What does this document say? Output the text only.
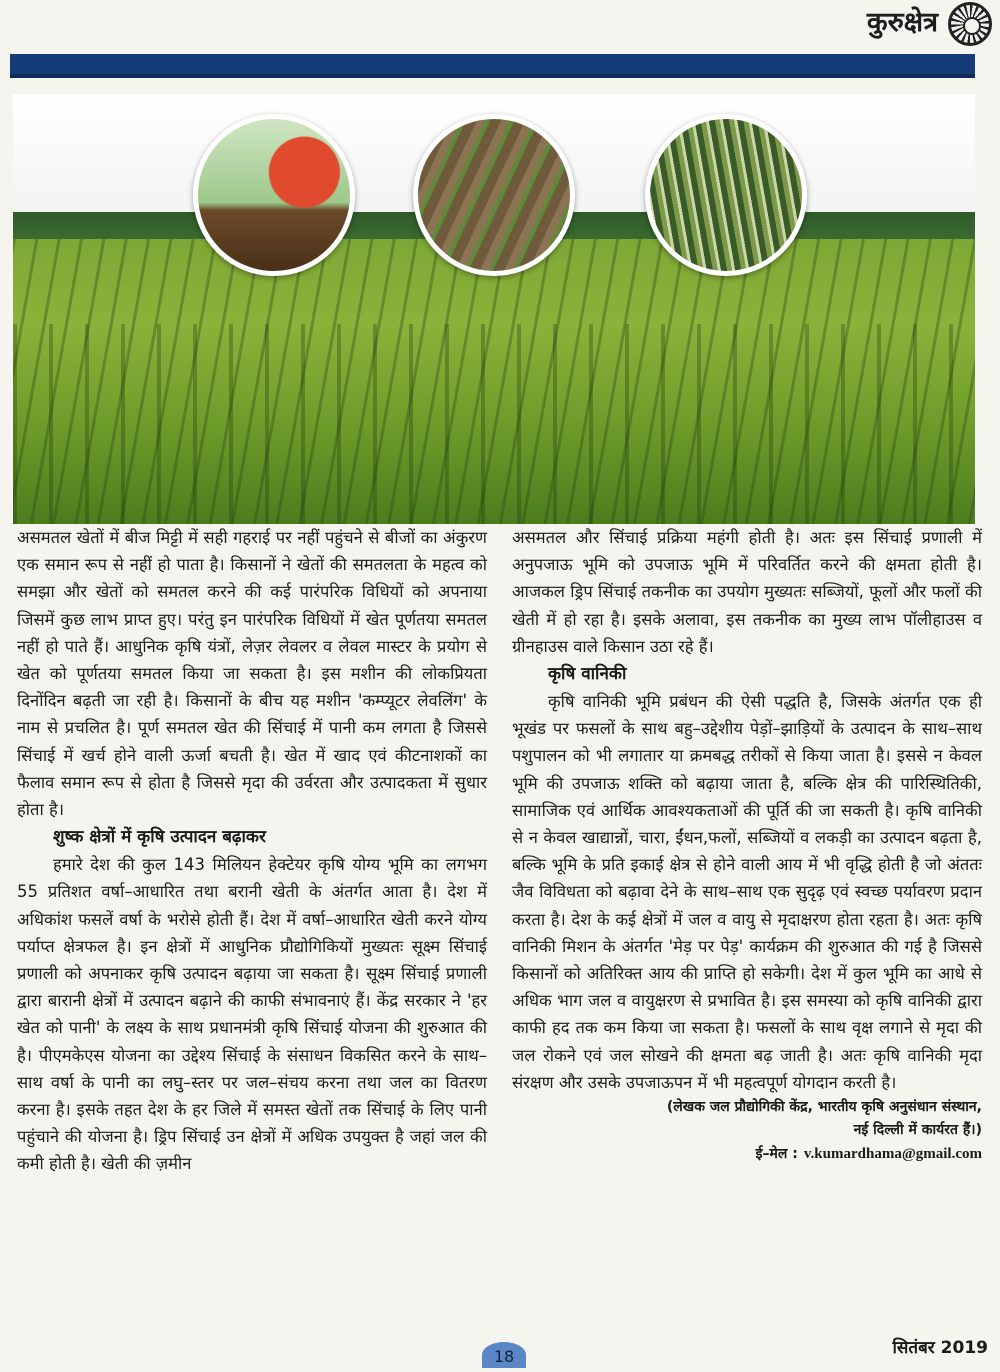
कुरुक्षेत्र

असमतल खेतों में बीज मिट्टी में सही गहराई पर नहीं पहुंचने से बीजों का अंकुरण एक समान रूप से नहीं हो पाता है। किसानों ने खेतों की समतलता के महत्व को समझा और खेतों को समतल करने की कई पारंपरिक विधियों को अपनाया जिसमें कुछ लाभ प्राप्त हुए। परंतु इन पारंपरिक विधियों में खेत पूर्णतया समतल नहीं हो पाते हैं। आधुनिक कृषि यंत्रों, लेज़र लेवलर व लेवल मास्टर के प्रयोग से खेत को पूर्णतया समतल किया जा सकता है। इस मशीन की लोकप्रियता दिनोंदिन बढ़ती जा रही है। किसानों के बीच यह मशीन 'कम्प्यूटर लेवलिंग' के नाम से प्रचलित है। पूर्ण समतल खेत की सिंचाई में पानी कम लगता है जिससे सिंचाई में खर्च होने वाली ऊर्जा बचती है। खेत में खाद एवं कीटनाशकों का फैलाव समान रूप से होता है जिससे मृदा की उर्वरता और उत्पादकता में सुधार होता है।

शुष्क क्षेत्रों में कृषि उत्पादन बढ़ाकर

हमारे देश की कुल 143 मिलियन हेक्टेयर कृषि योग्य भूमि का लगभग 55 प्रतिशत वर्षा–आधारित तथा बरानी खेती के अंतर्गत आता है। देश में अधिकांश फसलें वर्षा के भरोसे होती हैं। देश में वर्षा–आधारित खेती करने योग्य पर्याप्त क्षेत्रफल है। इन क्षेत्रों में आधुनिक प्रौद्योगिकियों मुख्यतः सूक्ष्म सिंचाई प्रणाली को अपनाकर कृषि उत्पादन बढ़ाया जा सकता है। सूक्ष्म सिंचाई प्रणाली द्वारा बारानी क्षेत्रों में उत्पादन बढ़ाने की काफी संभावनाएं हैं। केंद्र सरकार ने 'हर खेत को पानी' के लक्ष्य के साथ प्रधानमंत्री कृषि सिंचाई योजना की शुरुआत की है। पीएमकेएस योजना का उद्देश्य सिंचाई के संसाधन विकसित करने के साथ–साथ वर्षा के पानी का लघु–स्तर पर जल–संचय करना तथा जल का वितरण करना है। इसके तहत देश के हर जिले में समस्त खेतों तक सिंचाई के लिए पानी पहुंचाने की योजना है। ड्रिप सिंचाई उन क्षेत्रों में अधिक उपयुक्त है जहां जल की कमी होती है। खेती की ज़मीन

असमतल और सिंचाई प्रक्रिया महंगी होती है। अतः इस सिंचाई प्रणाली में अनुपजाऊ भूमि को उपजाऊ भूमि में परिवर्तित करने की क्षमता होती है। आजकल ड्रिप सिंचाई तकनीक का उपयोग मुख्यतः सब्जियों, फूलों और फलों की खेती में हो रहा है। इसके अलावा, इस तकनीक का मुख्य लाभ पॉलीहाउस व ग्रीनहाउस वाले किसान उठा रहे हैं।

कृषि वानिकी

कृषि वानिकी भूमि प्रबंधन की ऐसी पद्धति है, जिसके अंतर्गत एक ही भूखंड पर फसलों के साथ बहु–उद्देशीय पेड़ों–झाड़ियों के उत्पादन के साथ–साथ पशुपालन को भी लगातार या क्रमबद्ध तरीकों से किया जाता है। इससे न केवल भूमि की उपजाऊ शक्ति को बढ़ाया जाता है, बल्कि क्षेत्र की पारिस्थितिकी, सामाजिक एवं आर्थिक आवश्यकताओं की पूर्ति की जा सकती है। कृषि वानिकी से न केवल खाद्यान्नों, चारा, ईंधन,फलों, सब्जियों व लकड़ी का उत्पादन बढ़ता है, बल्कि भूमि के प्रति इकाई क्षेत्र से होने वाली आय में भी वृद्धि होती है जो अंततः जैव विविधता को बढ़ावा देने के साथ–साथ एक सुदृढ़ एवं स्वच्छ पर्यावरण प्रदान करता है। देश के कई क्षेत्रों में जल व वायु से मृदाक्षरण होता रहता है। अतः कृषि वानिकी मिशन के अंतर्गत 'मेड़ पर पेड़' कार्यक्रम की शुरुआत की गई है जिससे किसानों को अतिरिक्त आय की प्राप्ति हो सकेगी। देश में कुल भूमि का आधे से अधिक भाग जल व वायुक्षरण से प्रभावित है। इस समस्या को कृषि वानिकी द्वारा काफी हद तक कम किया जा सकता है। फसलों के साथ वृक्ष लगाने से मृदा की जल रोकने एवं जल सोखने की क्षमता बढ़ जाती है। अतः कृषि वानिकी मृदा संरक्षण और उसके उपजाऊपन में भी महत्वपूर्ण योगदान करती है।

(लेखक जल प्रौद्योगिकी केंद्र, भारतीय कृषि अनुसंधान संस्थान,
नई दिल्ली में कार्यरत हैं।)

ई–मेल : v.kumardhama@gmail.com

18	सितंबर 2019
